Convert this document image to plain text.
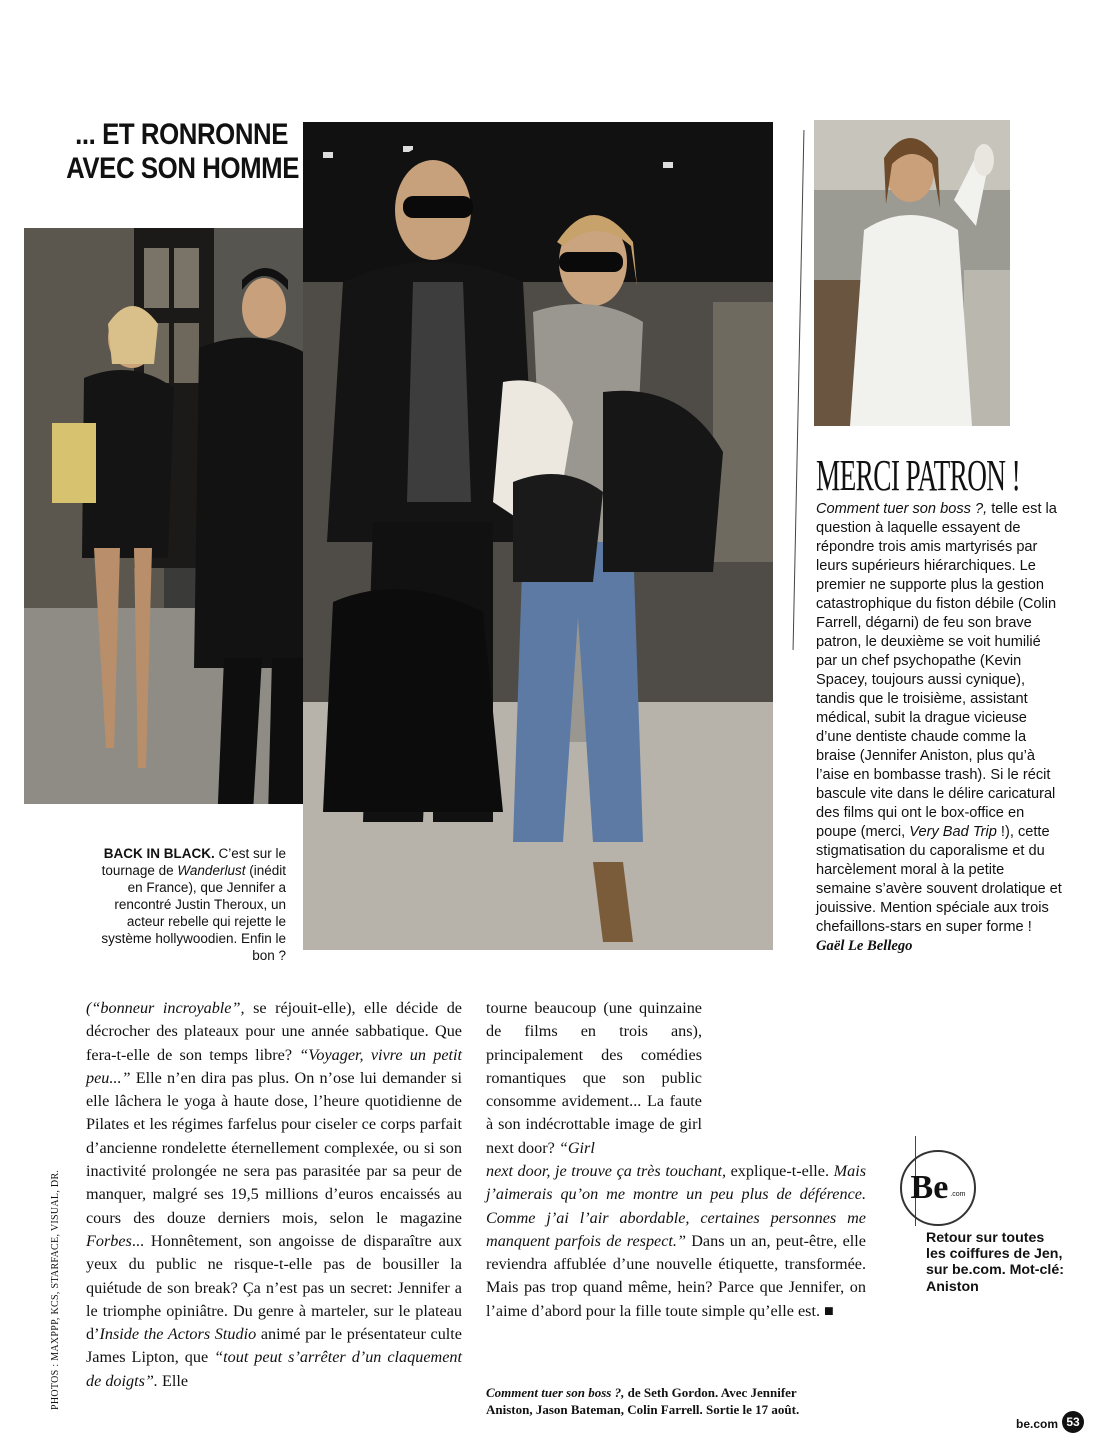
... ET RONRONNE
AVEC SON HOMME
BACK IN BLACK. C’est sur le tournage de Wanderlust (inédit en France), que Jennifer a rencontré Justin Theroux, un acteur rebelle qui rejette le système hollywoodien. Enfin le bon ?
MERCI PATRON !
Comment tuer son boss ?, telle est la question à laquelle essayent de répondre trois amis martyrisés par leurs supérieurs hiérarchiques. Le premier ne supporte plus la gestion catastrophique du fiston débile (Colin Farrell, dégarni) de feu son brave patron, le deuxième se voit humilié par un chef psychopathe (Kevin Spacey, toujours aussi cynique), tandis que le troisième, assistant médical, subit la drague vicieuse d’une dentiste chaude comme la braise (Jennifer Aniston, plus qu’à l’aise en bombasse trash). Si le récit bascule vite dans le délire caricatural des films qui ont le box-office en poupe (merci, Very Bad Trip !), cette stigmatisation du caporalisme et du harcèlement moral à la petite semaine s’avère souvent drolatique et jouissive. Mention spéciale aux trois chefaillons-stars en super forme ! Gaël Le Bellego
(“bonneur incroyable”, se réjouit-elle), elle décide de décrocher des plateaux pour une année sabbatique. Que fera-t-elle de son temps libre? “Voyager, vivre un petit peu...” Elle n’en dira pas plus. On n’ose lui demander si elle lâchera le yoga à haute dose, l’heure quotidienne de Pilates et les régimes farfelus pour ciseler ce corps parfait d’ancienne rondelette éternellement complexée, ou si son inactivité prolongée ne sera pas parasitée par sa peur de manquer, malgré ses 19,5 millions d’euros encaissés au cours des douze derniers mois, selon le magazine Forbes... Honnêtement, son angoisse de disparaître aux yeux du public ne risque-t-elle pas de bousiller la quiétude de son break? Ça n’est pas un secret: Jennifer a le triomphe opiniâtre. Du genre à marteler, sur le plateau d’Inside the Actors Studio animé par le présentateur culte James Lipton, que “tout peut s’arrêter d’un claquement de doigts”. Elle
tourne beaucoup (une quinzaine de films en trois ans), principalement des comédies romantiques que son public consomme avidement... La faute à son indécrottable image de girl next door? “Girl
next door, je trouve ça très touchant, explique-t-elle. Mais j’aimerais qu’on me montre un peu plus de déférence. Comme j’ai l’air abordable, certaines personnes me manquent parfois de respect.” Dans un an, peut-être, elle reviendra affublée d’une nouvelle étiquette, transformée. Mais pas trop quand même, hein? Parce que Jennifer, on l’aime d’abord pour la fille toute simple qu’elle est. ■
Comment tuer son boss ?, de Seth Gordon. Avec Jennifer Aniston, Jason Bateman, Colin Farrell. Sortie le 17 août.
PHOTOS : MAXPPP, KCS, STARFACE, VISUAL, DR.	Be .com
Retour sur toutes les coiffures de Jen, sur be.com. Mot-clé: Aniston
be.com 53
